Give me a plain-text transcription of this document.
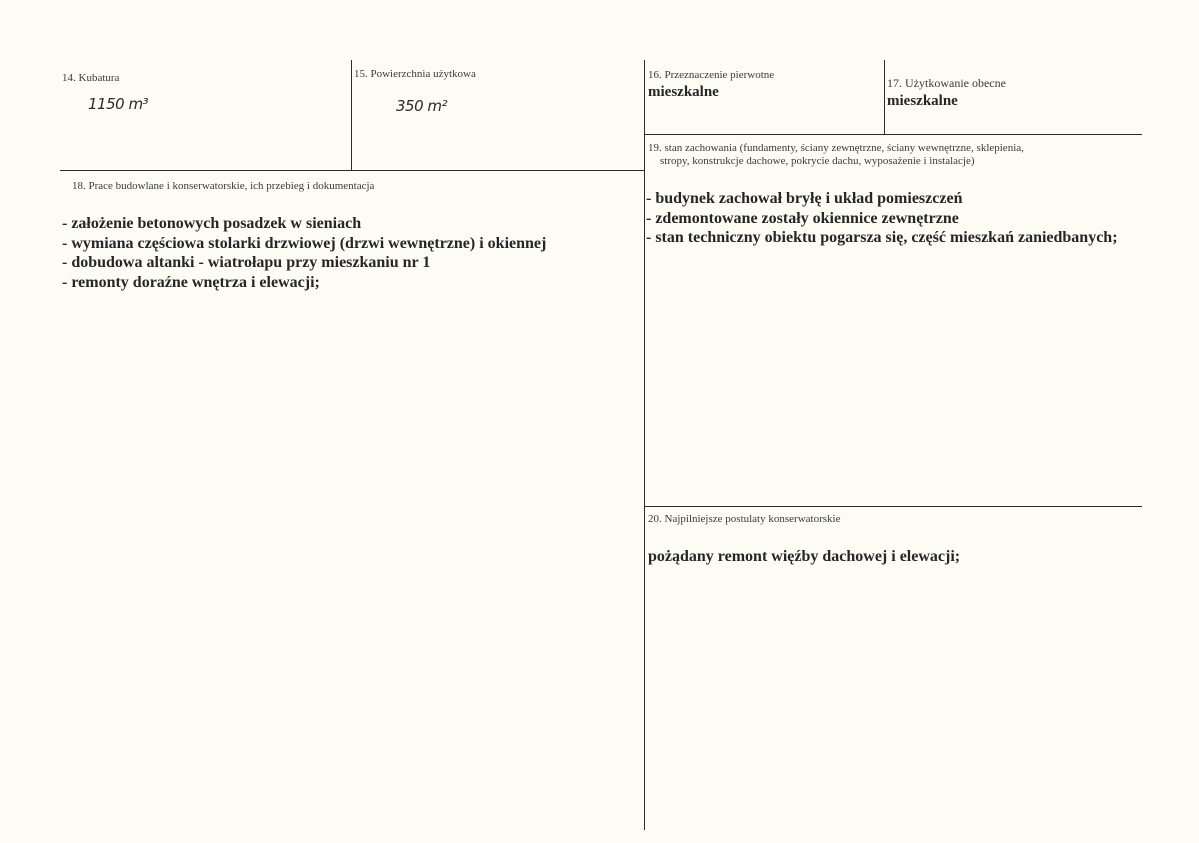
14. Kubatura
1150 m³
15. Powierzchnia użytkowa
350 m²
16. Przeznaczenie pierwotne
mieszkalne
17. Użytkowanie obecne
mieszkalne
18. Prace budowlane i konserwatorskie, ich przebieg i dokumentacja
- założenie betonowych posadzek w sieniach
- wymiana częściowa stolarki drzwiowej (drzwi wewnętrzne) i okiennej
- dobudowa altanki - wiatrołapu przy mieszkaniu nr 1
- remonty doraźne wnętrza i elewacji;
19. stan zachowania (fundamenty, ściany zewnętrzne, ściany wewnętrzne, sklepienia,
stropy, konstrukcje dachowe, pokrycie dachu, wyposażenie i instalacje)
- budynek zachował bryłę i układ pomieszczeń
- zdemontowane zostały okiennice zewnętrzne
- stan techniczny obiektu pogarsza się, część mieszkań zaniedbanych;
20. Najpilniejsze postulaty konserwatorskie
pożądany remont więźby dachowej i elewacji;
